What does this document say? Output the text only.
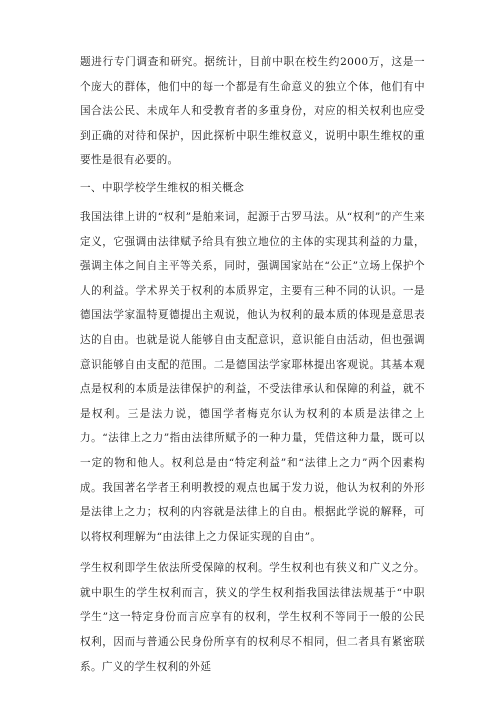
题进行专门调查和研究。据统计，目前中职在校生约2000万，这是一个庞大的群体，他们中的每一个都是有生命意义的独立个体，他们有中国合法公民、未成年人和受教育者的多重身份，对应的相关权利也应受到正确的对待和保护，因此探析中职生维权意义，说明中职生维权的重要性是很有必要的。

一、中职学校学生维权的相关概念

我国法律上讲的“权利”是舶来词，起源于古罗马法。从“权利”的产生来定义，它强调由法律赋予给具有独立地位的主体的实现其利益的力量，强调主体之间自主平等关系，同时，强调国家站在“公正”立场上保护个人的利益。学术界关于权利的本质界定，主要有三种不同的认识。一是德国法学家温特夏德提出主观说，他认为权利的最本质的体现是意思表达的自由。也就是说人能够自由支配意识，意识能自由活动，但也强调意识能够自由支配的范围。二是德国法学家耶林提出客观说。其基本观点是权利的本质是法律保护的利益，不受法律承认和保障的利益，就不是权利。三是法力说，德国学者梅克尔认为权利的本质是法律之上力。“法律上之力”指由法律所赋予的一种力量，凭借这种力量，既可以一定的物和他人。权利总是由“特定利益”和“法律上之力”两个因素构成。我国著名学者王利明教授的观点也属于发力说，他认为权利的外形是法律上之力；权利的内容就是法律上的自由。根据此学说的解释，可以将权利理解为“由法律上之力保证实现的自由”。

学生权利即学生依法所受保障的权利。学生权利也有狭义和广义之分。就中职生的学生权利而言，狭义的学生权利指我国法律法规基于“中职学生”这一特定身份而言应享有的权利，学生权利不等同于一般的公民权利，因而与普通公民身份所享有的权利尽不相同，但二者具有紧密联系。广义的学生权利的外延
